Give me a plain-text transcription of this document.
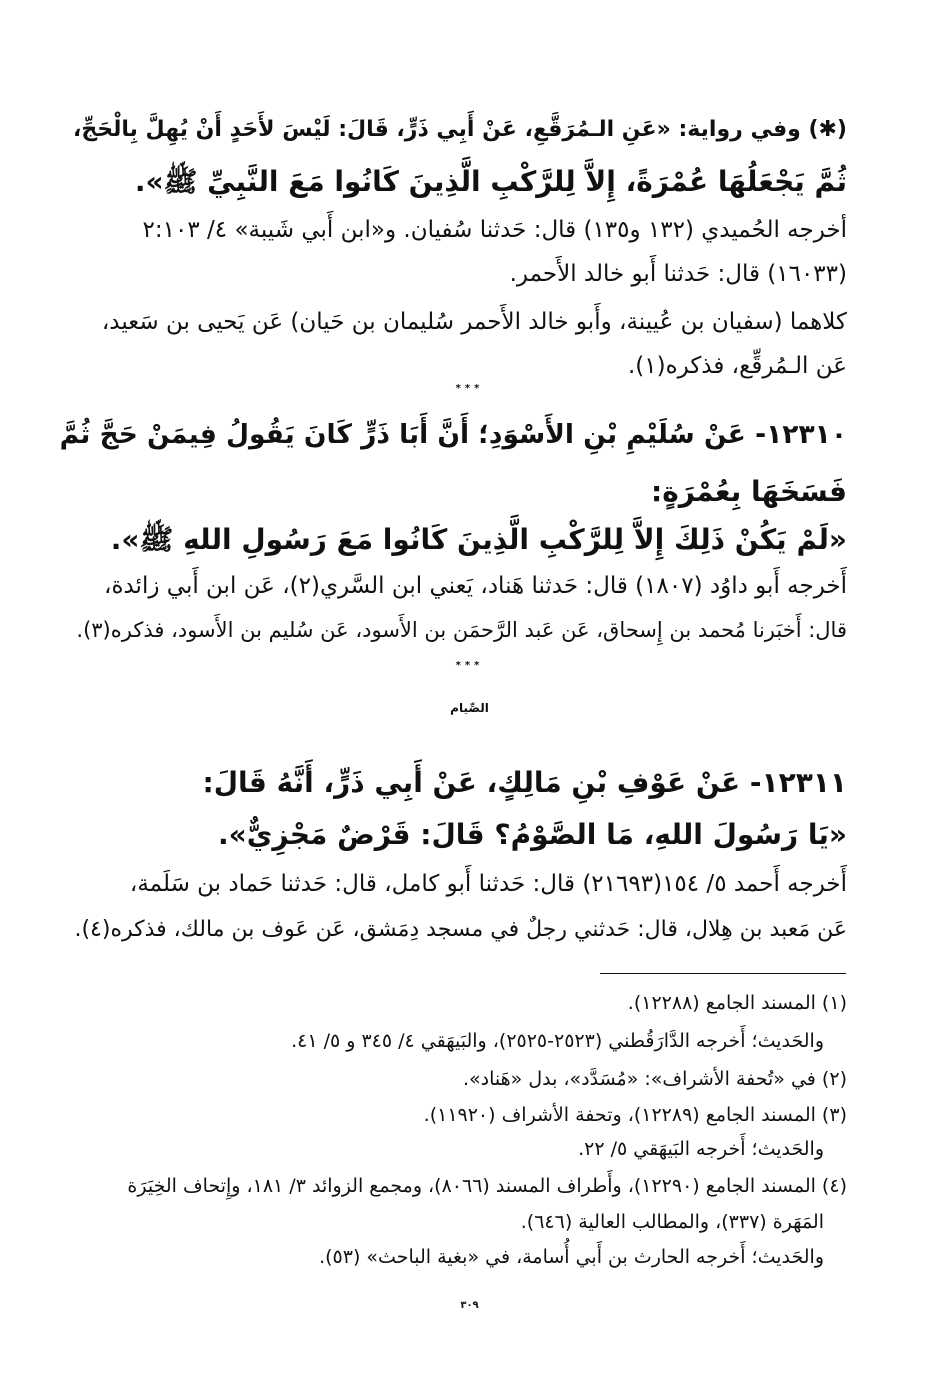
(✱) وفي رواية: «عَنِ الـمُرَقَّعِ، عَنْ أَبِي ذَرٍّ، قَالَ: لَيْسَ لأَحَدٍ أَنْ يُهِلَّ بِالْحَجِّ،
ثُمَّ يَجْعَلُهَا عُمْرَةً، إِلاَّ لِلرَّكْبِ الَّذِينَ كَانُوا مَعَ النَّبِيِّ ﷺ».
أخرجه الحُميدي (١٣٢ و١٣٥) قال: حَدثنا سُفيان. و«ابن أَبي شَيبة» ٤/ ٢:١٠٣
(١٦٠٣٣) قال: حَدثنا أَبو خالد الأَحمر.
كلاهما (سفيان بن عُيينة، وأَبو خالد الأَحمر سُليمان بن حَيان) عَن يَحيى بن سَعيد،
عَن الـمُرقِّع، فذكره(١).
***
١٢٣١٠- عَنْ سُلَيْمِ بْنِ الأَسْوَدِ؛ أَنَّ أَبَا ذَرٍّ كَانَ يَقُولُ فِيمَنْ حَجَّ ثُمَّ
فَسَخَهَا بِعُمْرَةٍ:
«لَمْ يَكُنْ ذَلِكَ إِلاَّ لِلرَّكْبِ الَّذِينَ كَانُوا مَعَ رَسُولِ اللهِ ﷺ».
أَخرجه أَبو داوُد (١٨٠٧) قال: حَدثنا هَناد، يَعني ابن السَّري(٢)، عَن ابن أَبي زائدة،
قال: أَخبَرنا مُحمد بن إِسحاق، عَن عَبد الرَّحمَن بن الأَسود، عَن سُليم بن الأَسود، فذكره(٣).
***
الصِّيام
١٢٣١١- عَنْ عَوْفِ بْنِ مَالِكٍ، عَنْ أَبِي ذَرٍّ، أَنَّهُ قَالَ:
«يَا رَسُولَ اللهِ، مَا الصَّوْمُ؟ قَالَ: قَرْضٌ مَجْزِيٌّ».
أَخرجه أَحمد ٥/ ١٥٤(٢١٦٩٣) قال: حَدثنا أَبو كامل، قال: حَدثنا حَماد بن سَلَمة،
عَن مَعبد بن هِلال، قال: حَدثني رجلٌ في مسجد دِمَشق، عَن عَوف بن مالك، فذكره(٤).
(١) المسند الجامع (١٢٢٨٨).
والحَديث؛ أَخرجه الدَّارَقُطني (٢٥٢٣-٢٥٢٥)، والبَيهَقي ٤/ ٣٤٥ و ٥/ ٤١.
(٢) في «تُحفة الأشراف»: «مُسَدَّد»، بدل «هَناد».
(٣) المسند الجامع (١٢٢٨٩)، وتحفة الأشراف (١١٩٢٠).
والحَديث؛ أَخرجه البَيهَقي ٥/ ٢٢.
(٤) المسند الجامع (١٢٢٩٠)، وأَطراف المسند (٨٠٦٦)، ومجمع الزوائد ٣/ ١٨١، وإِتحاف الخِيَرَة
المَهَرة (٣٣٧)، والمطالب العالية (٦٤٦).
والحَديث؛ أَخرجه الحارث بن أَبي أُسامة، في «بغية الباحث» (٥٣).
٣٠٩
